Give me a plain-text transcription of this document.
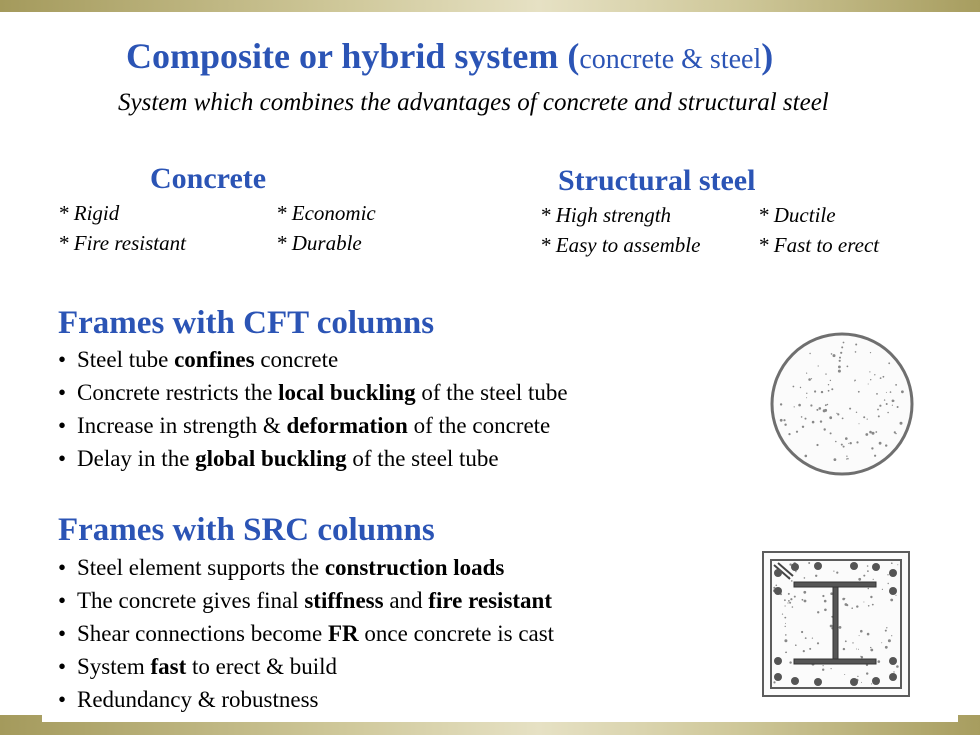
Composite or hybrid system (concrete & steel)
System which combines the advantages of concrete and structural steel
Concrete
* Rigid	* Economic
* Fire resistant	* Durable
Structural steel
* High strength	* Ductile
* Easy to assemble	* Fast to erect
Frames with CFT columns
• Steel tube confines concrete
• Concrete restricts the local buckling of the steel tube
• Increase in strength & deformation of the concrete
• Delay in the global buckling of the steel tube
Frames with SRC columns
• Steel element supports the construction loads
• The concrete gives final stiffness and fire resistant
• Shear connections become FR once concrete is cast
• System fast to erect & build
• Redundancy & robustness
